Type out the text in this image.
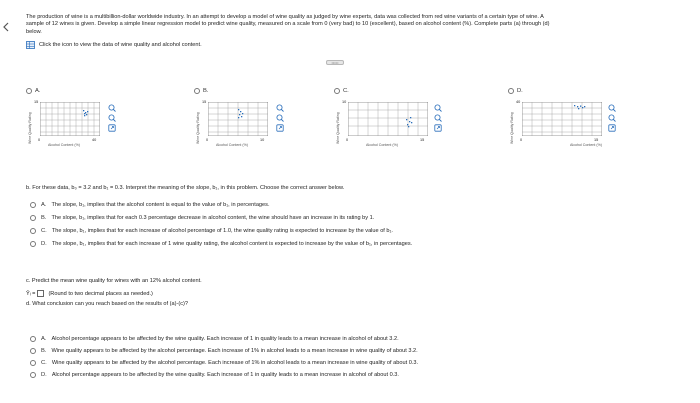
The production of wine is a multibillion-dollar worldwide industry. In an attempt to develop a model of wine quality as judged by wine experts, data was collected from red wine variants of a certain type of wine. A
sample of 12 wines is given. Develop a simple linear regression model to predict wine quality, measured on a scale from 0 (very bad) to 10 (excellent), based on alcohol content (%). Complete parts (a) through (d)
below.
Click the icon to view the data of wine quality and alcohol content.
•••••
A.
Wine Quality Rating
15
0	40
Alcohol Content (%)

B.
Wine Quality Rating
15
0	10
Alcohol Content (%)

C.
Wine Quality Rating
10
0	15
Alcohol Content (%)

D.
Wine Quality Rating
40
0	15
Alcohol Content (%)

b. For these data, b₀ = 3.2 and b₁ = 0.3. Interpret the meaning of the slope, b₁, in this problem. Choose the correct answer below.
A. The slope, b₁, implies that the alcohol content is equal to the value of b₁, in percentages.
B. The slope, b₁, implies that for each 0.3 percentage decrease in alcohol content, the wine should have an increase in its rating by 1.
C. The slope, b₁, implies that for each increase of alcohol percentage of 1.0, the wine quality rating is expected to increase by the value of b₁.
D. The slope, b₁, implies that for each increase of 1 wine quality rating, the alcohol content is expected to increase by the value of b₁, in percentages.
c. Predict the mean wine quality for wines with an 12% alcohol content.
Ŷᵢ = (Round to two decimal places as needed.)
d. What conclusion can you reach based on the results of (a)-(c)?
A. Alcohol percentage appears to be affected by the wine quality. Each increase of 1 in quality leads to a mean increase in alcohol of about 3.2.
B. Wine quality appears to be affected by the alcohol percentage. Each increase of 1% in alcohol leads to a mean increase in wine quality of about 3.2.
C. Wine quality appears to be affected by the alcohol percentage. Each increase of 1% in alcohol leads to a mean increase in wine quality of about 0.3.
D. Alcohol percentage appears to be affected by the wine quality. Each increase of 1 in quality leads to a mean increase in alcohol of about 0.3.
